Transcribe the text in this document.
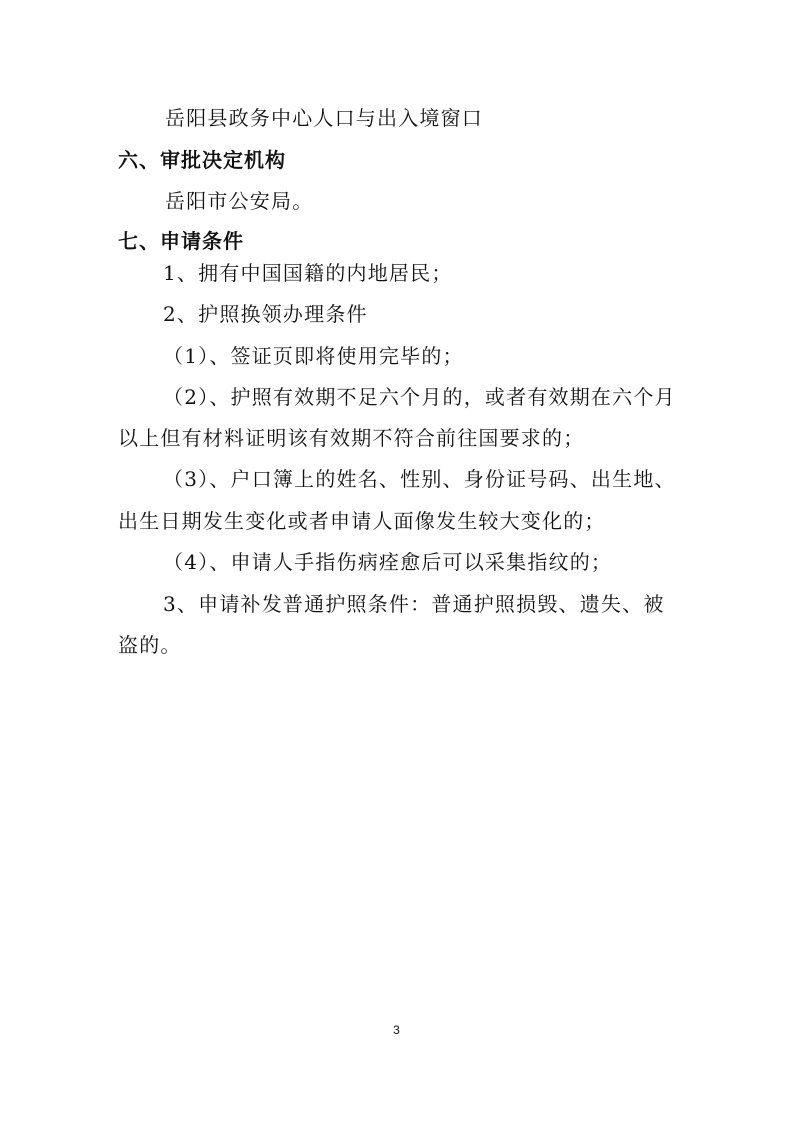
岳阳县政务中心人口与出入境窗口
六、审批决定机构
岳阳市公安局。
七、申请条件
1、拥有中国国籍的内地居民；
2、护照换领办理条件
（1）、签证页即将使用完毕的；
（2）、护照有效期不足六个月的，或者有效期在六个月
以上但有材料证明该有效期不符合前往国要求的；
（3）、户口簿上的姓名、性别、身份证号码、出生地、
出生日期发生变化或者申请人面像发生较大变化的；
（4）、申请人手指伤病痊愈后可以采集指纹的；
3、申请补发普通护照条件：普通护照损毁、遗失、被
盗的。
3
